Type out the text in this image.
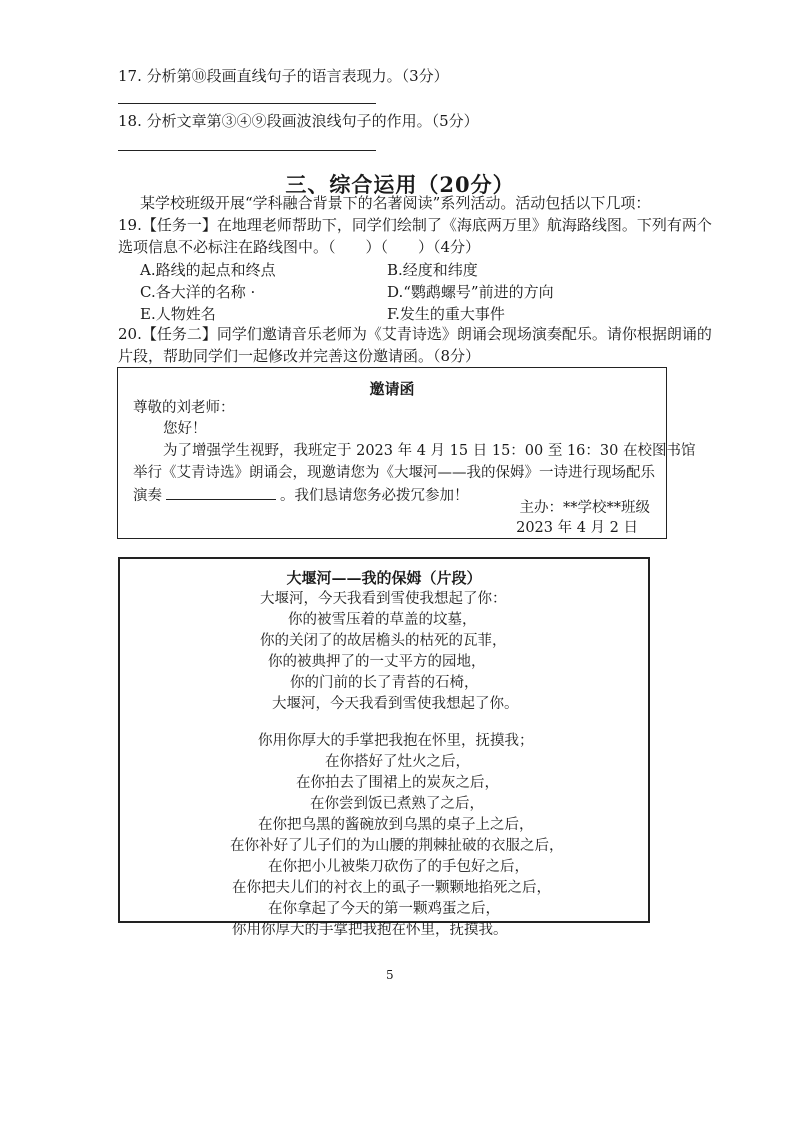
17. 分析第⑩段画直线句子的语言表现力。（3分）
18. 分析文章第③④⑨段画波浪线句子的作用。（5分）
三、综合运用（20分）
某学校班级开展“学科融合背景下的名著阅读”系列活动。活动包括以下几项：
19.【任务一】在地理老师帮助下，同学们绘制了《海底两万里》航海路线图。下列有两个
选项信息不必标注在路线图中。（　　）（　　）（4分）
A.路线的起点和终点	B.经度和纬度
C.各大洋的名称 ·	D.“鹦鹉螺号”前进的方向
E.人物姓名	F.发生的重大事件
20.【任务二】同学们邀请音乐老师为《艾青诗选》朗诵会现场演奏配乐。请你根据朗诵的
片段，帮助同学们一起修改并完善这份邀请函。（8分）
邀请函
尊敬的刘老师：
您好！
为了增强学生视野，我班定于 2023 年 4 月 15 日 15：00 至 16：30 在校图书馆
举行《艾青诗选》朗诵会，现邀请您为《大堰河——我的保姆》一诗进行现场配乐
演奏	。我们恳请您务必拨冗参加！
主办：**学校**班级
2023 年 4 月 2 日
大堰河——我的保姆（片段）
大堰河，今天我看到雪使我想起了你：
你的被雪压着的草盖的坟墓，
你的关闭了的故居檐头的枯死的瓦菲，
你的被典押了的一丈平方的园地，
你的门前的长了青苔的石椅，
大堰河，今天我看到雪使我想起了你。
你用你厚大的手掌把我抱在怀里，抚摸我；
在你搭好了灶火之后，
在你拍去了围裙上的炭灰之后，
在你尝到饭已煮熟了之后，
在你把乌黑的酱碗放到乌黑的桌子上之后，
在你补好了儿子们的为山腰的荆棘扯破的衣服之后，
在你把小儿被柴刀砍伤了的手包好之后，
在你把夫儿们的衬衣上的虱子一颗颗地掐死之后，
在你拿起了今天的第一颗鸡蛋之后，
你用你厚大的手掌把我抱在怀里，抚摸我。
5
